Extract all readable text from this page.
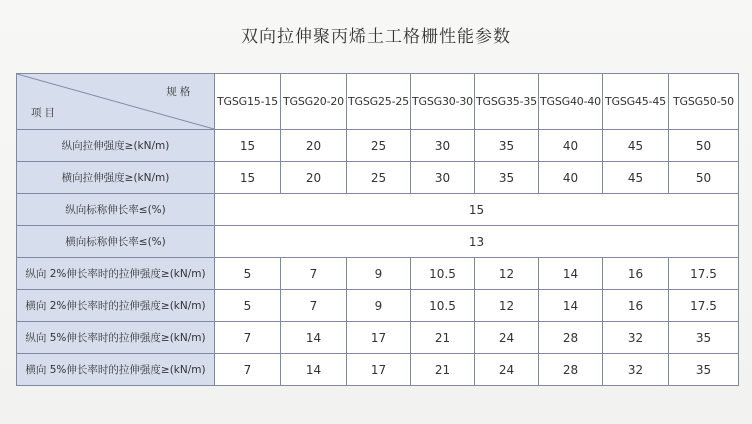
双向拉伸聚丙烯土工格栅性能参数
规 格
项 目	TGSG15-15	TGSG20-20	TGSG25-25	TGSG30-30	TGSG35-35	TGSG40-40	TGSG45-45	TGSG50-50
纵向拉伸强度≥(kN/m)	15	20	25	30	35	40	45	50
横向拉伸强度≥(kN/m)	15	20	25	30	35	40	45	50
纵向标称伸长率≤(%)	15							
横向标称伸长率≤(%)	13							
纵向 2%伸长率时的拉伸强度≥(kN/m)	5	7	9	10.5	12	14	16	17.5
横向 2%伸长率时的拉伸强度≥(kN/m)	5	7	9	10.5	12	14	16	17.5
纵向 5%伸长率时的拉伸强度≥(kN/m)	7	14	17	21	24	28	32	35
横向 5%伸长率时的拉伸强度≥(kN/m)	7	14	17	21	24	28	32	35
